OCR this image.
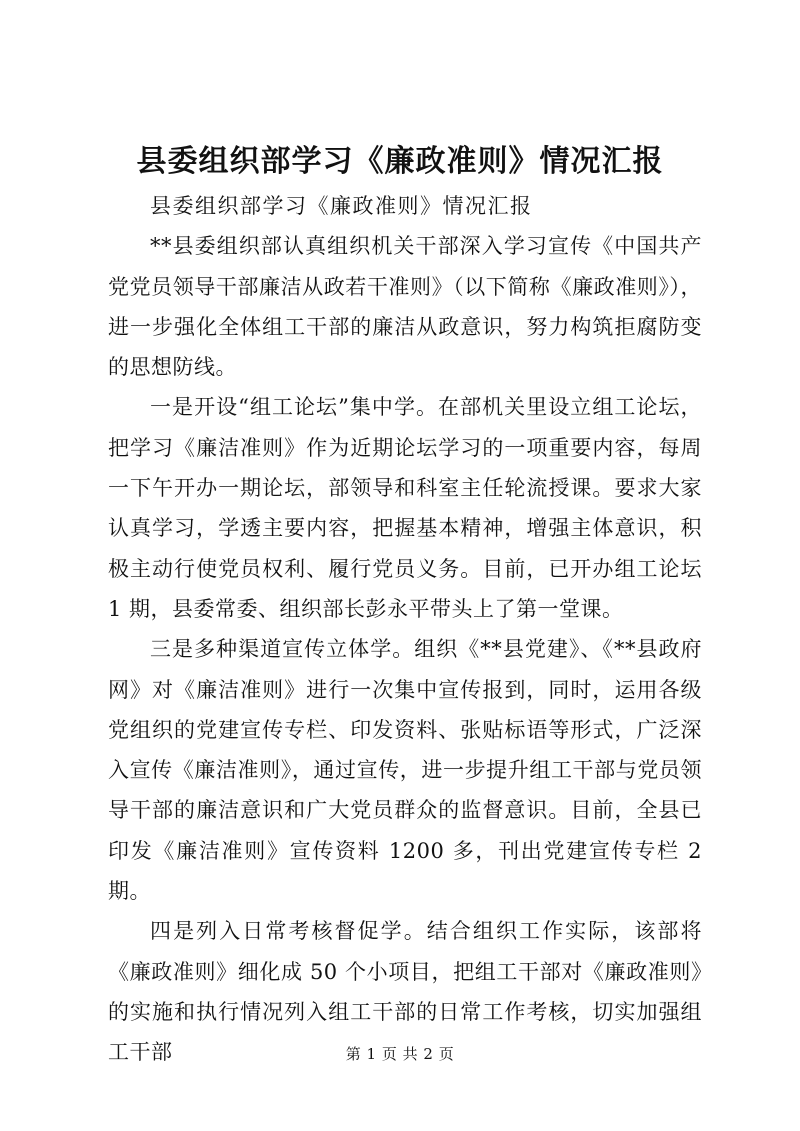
县委组织部学习《廉政准则》情况汇报

县委组织部学习《廉政准则》情况汇报

**县委组织部认真组织机关干部深入学习宣传《中国共产党党员领导干部廉洁从政若干准则》（以下简称《廉政准则》），进一步强化全体组工干部的廉洁从政意识，努力构筑拒腐防变的思想防线。

一是开设“组工论坛”集中学。在部机关里设立组工论坛，把学习《廉洁准则》作为近期论坛学习的一项重要内容，每周一下午开办一期论坛，部领导和科室主任轮流授课。要求大家认真学习，学透主要内容，把握基本精神，增强主体意识，积极主动行使党员权利、履行党员义务。目前，已开办组工论坛 1 期，县委常委、组织部长彭永平带头上了第一堂课。

三是多种渠道宣传立体学。组织《**县党建》、《**县政府网》对《廉洁准则》进行一次集中宣传报到，同时，运用各级党组织的党建宣传专栏、印发资料、张贴标语等形式，广泛深入宣传《廉洁准则》，通过宣传，进一步提升组工干部与党员领导干部的廉洁意识和广大党员群众的监督意识。目前，全县已印发《廉洁准则》宣传资料 1200 多，刊出党建宣传专栏 2 期。

四是列入日常考核督促学。结合组织工作实际，该部将《廉政准则》细化成 50 个小项目，把组工干部对《廉政准则》的实施和执行情况列入组工干部的日常工作考核，切实加强组工干部	第 1 页 共 2 页
